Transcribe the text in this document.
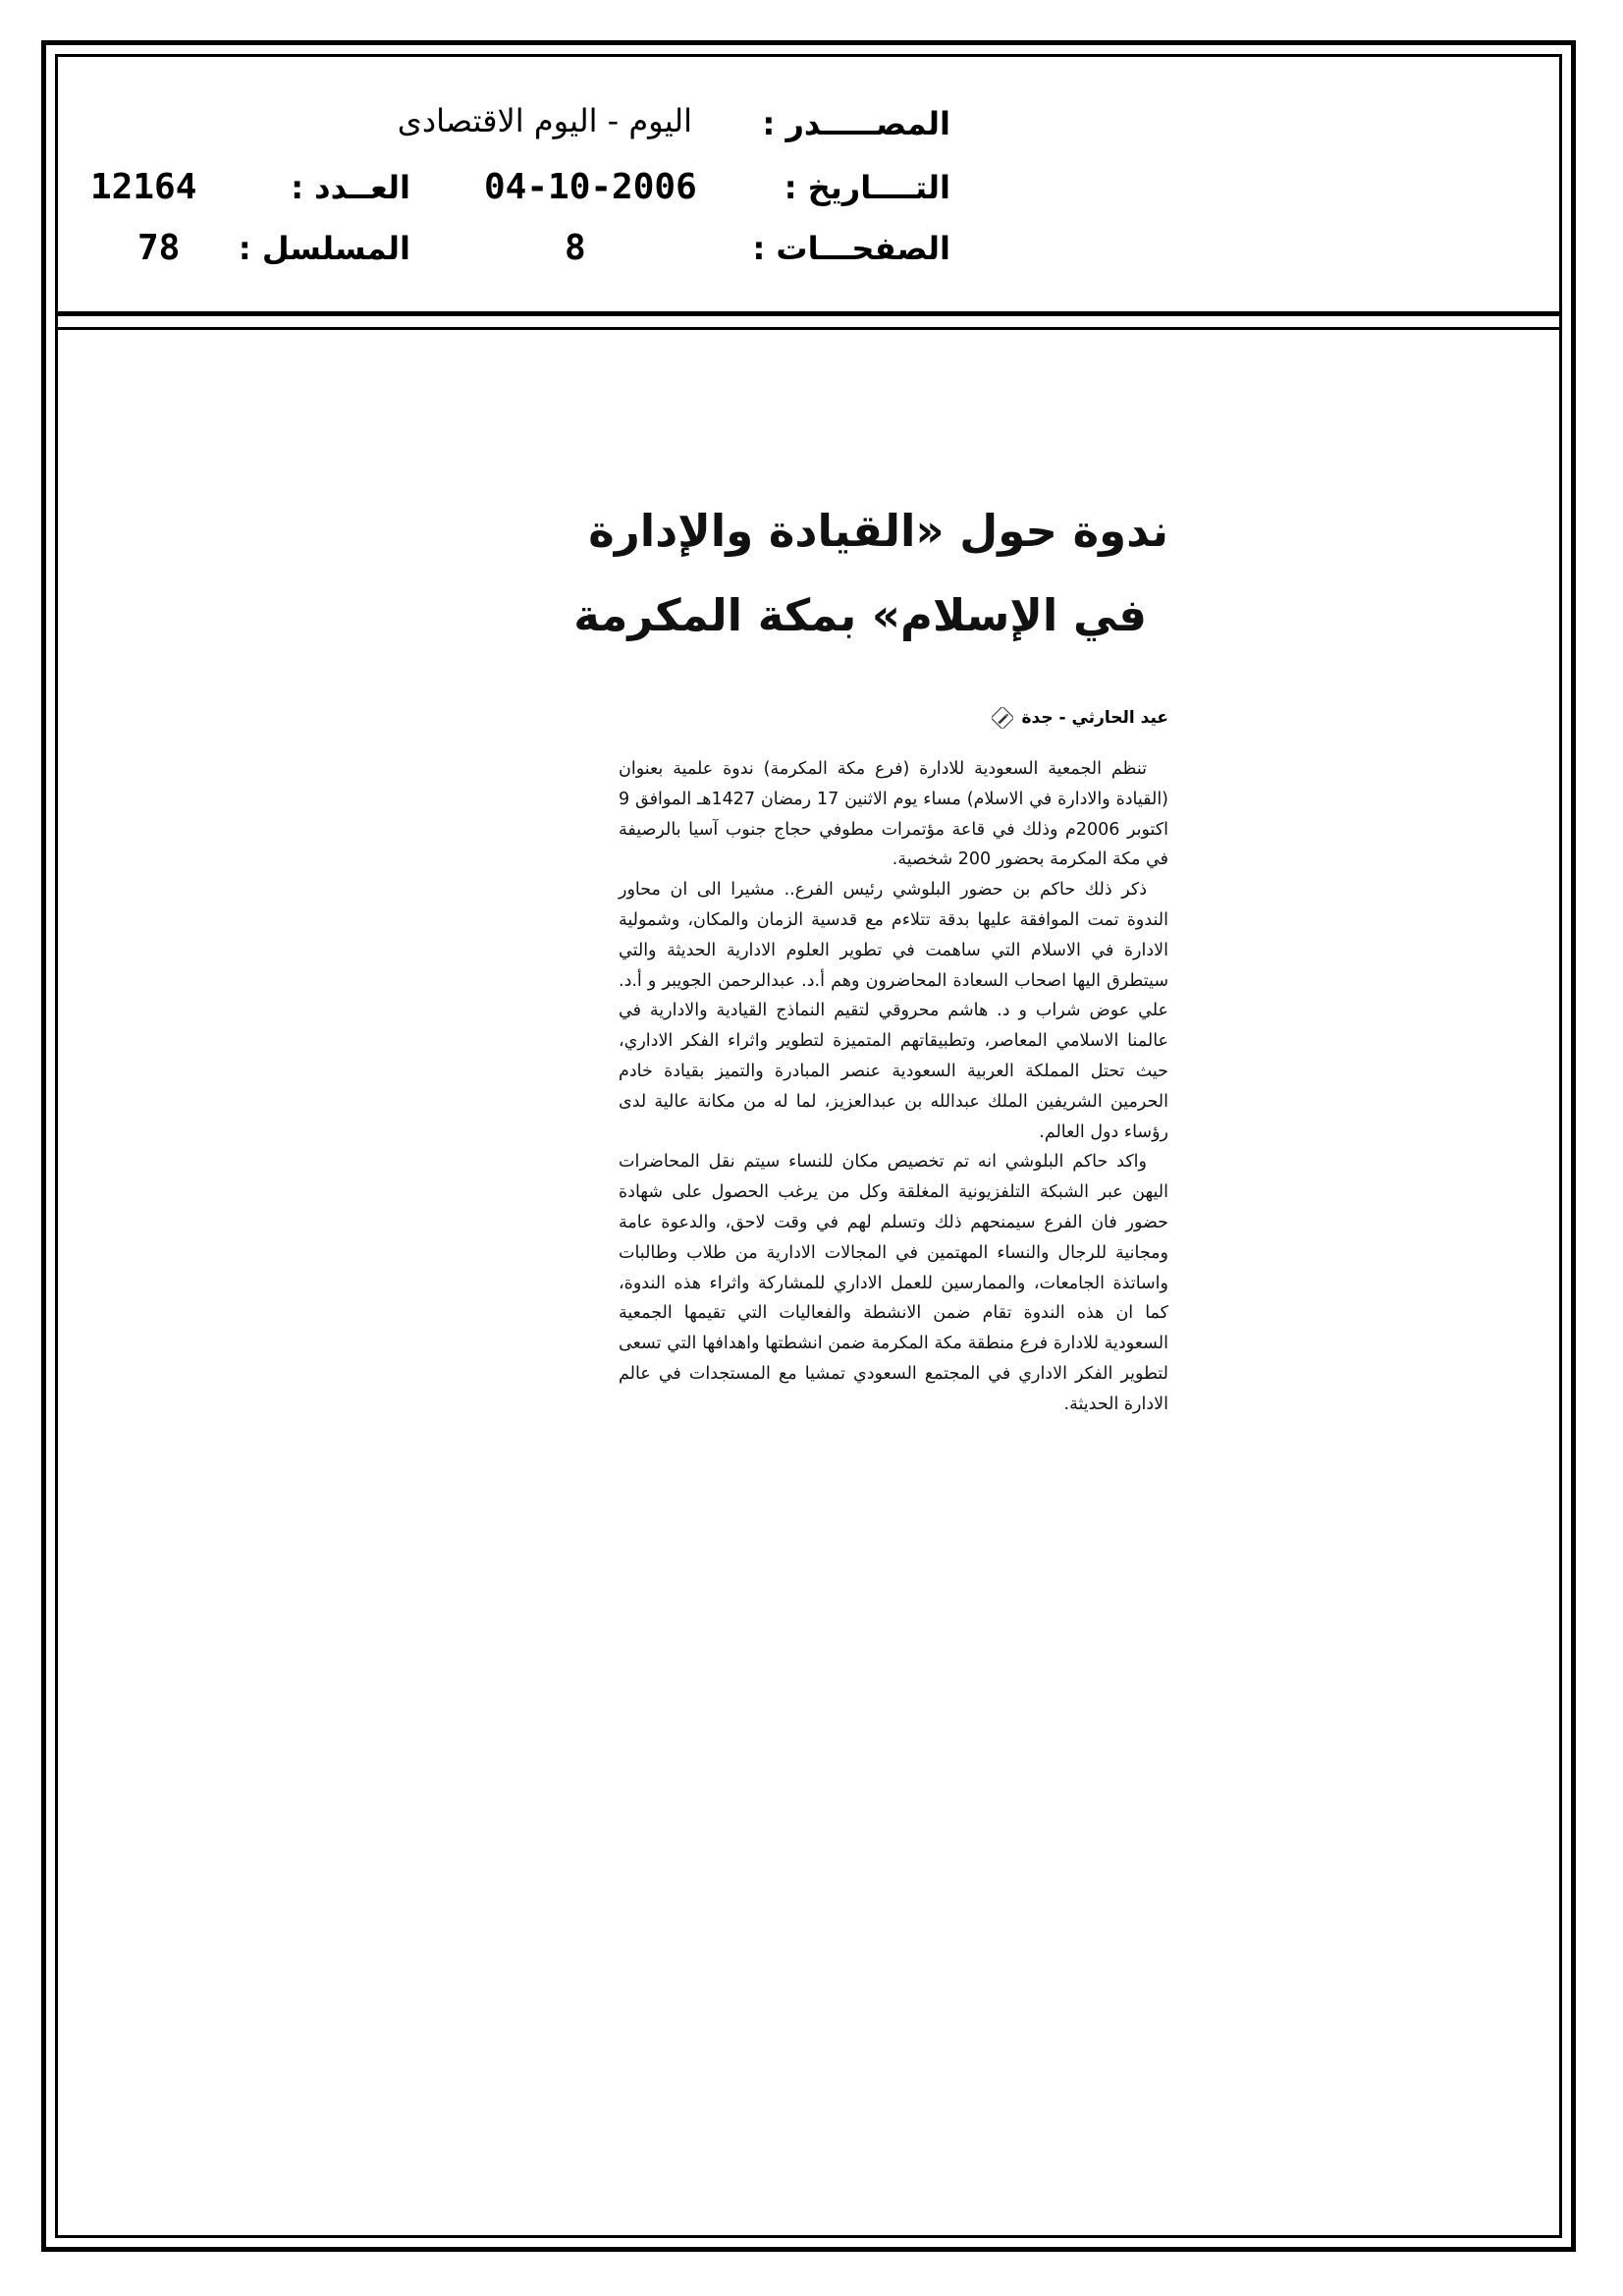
المصـــــدر :
اليوم - اليوم الاقتصادى
التــــاريخ :
04-10-2006
العــدد :
12164
الصفحـــات :
8
المسلسل :
78
ندوة حول «القيادة والإدارة
في الإسلام» بمكة المكرمة
عيد الحارثي - جدة

تنظم الجمعية السعودية للادارة (فرع مكة المكرمة) ندوة علمية بعنوان (القيادة والادارة في الاسلام) مساء يوم الاثنين 17 رمضان 1427هـ الموافق 9 اكتوبر 2006م وذلك في قاعة مؤتمرات مطوفي حجاج جنوب آسيا بالرصيفة في مكة المكرمة بحضور 200 شخصية.

ذكر ذلك حاكم بن حضور البلوشي رئيس الفرع.. مشيرا الى ان محاور الندوة تمت الموافقة عليها بدقة تتلاءم مع قدسية الزمان والمكان، وشمولية الادارة في الاسلام التي ساهمت في تطوير العلوم الادارية الحديثة والتي سيتطرق اليها اصحاب السعادة المحاضرون وهم أ.د. عبدالرحمن الجويبر و أ.د. علي عوض شراب و د. هاشم محروقي لتقيم النماذج القيادية والادارية في عالمنا الاسلامي المعاصر، وتطبيقاتهم المتميزة لتطوير واثراء الفكر الاداري، حيث تحتل المملكة العربية السعودية عنصر المبادرة والتميز بقيادة خادم الحرمين الشريفين الملك عبدالله بن عبدالعزيز، لما له من مكانة عالية لدى رؤساء دول العالم.

واكد حاكم البلوشي انه تم تخصيص مكان للنساء سيتم نقل المحاضرات اليهن عبر الشبكة التلفزيونية المغلقة وكل من يرغب الحصول على شهادة حضور فان الفرع سيمنحهم ذلك وتسلم لهم في وقت لاحق، والدعوة عامة ومجانية للرجال والنساء المهتمين في المجالات الادارية من طلاب وطالبات واساتذة الجامعات، والممارسين للعمل الاداري للمشاركة واثراء هذه الندوة، كما ان هذه الندوة تقام ضمن الانشطة والفعاليات التي تقيمها الجمعية السعودية للادارة فرع منطقة مكة المكرمة ضمن انشطتها واهدافها التي تسعى لتطوير الفكر الاداري في المجتمع السعودي تمشيا مع المستجدات في عالم الادارة الحديثة.
